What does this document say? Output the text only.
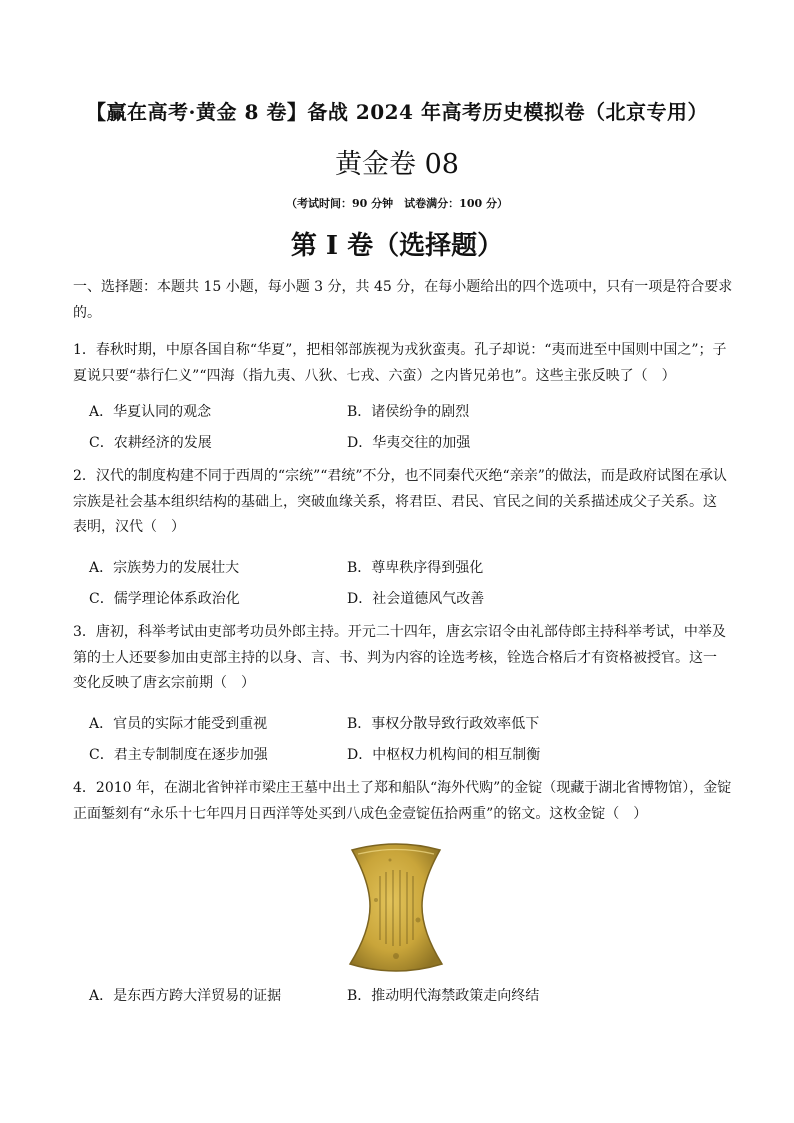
【赢在高考·黄金 8 卷】备战 2024 年高考历史模拟卷（北京专用）
黄金卷 08
（考试时间：90 分钟　试卷满分：100 分）
第 I 卷（选择题）
一、选择题：本题共 15 小题，每小题 3 分，共 45 分，在每小题给出的四个选项中，只有一项是符合要求
的。
1．春秋时期，中原各国自称“华夏”，把相邻部族视为戎狄蛮夷。孔子却说：“夷而进至中国则中国之”；子
夏说只要“恭行仁义”“四海（指九夷、八狄、七戎、六蛮）之内皆兄弟也”。这些主张反映了（　）
A．华夏认同的观念	B．诸侯纷争的剧烈
C．农耕经济的发展	D．华夷交往的加强
2．汉代的制度构建不同于西周的“宗统”“君统”不分，也不同秦代灭绝“亲亲”的做法，而是政府试图在承认
宗族是社会基本组织结构的基础上，突破血缘关系，将君臣、君民、官民之间的关系描述成父子关系。这
表明，汉代（　）
A．宗族势力的发展壮大	B．尊卑秩序得到强化
C．儒学理论体系政治化	D．社会道德风气改善
3．唐初，科举考试由吏部考功员外郎主持。开元二十四年，唐玄宗诏令由礼部侍郎主持科举考试，中举及
第的士人还要参加由吏部主持的以身、言、书、判为内容的诠选考核，铨选合格后才有资格被授官。这一
变化反映了唐玄宗前期（　）
A．官员的实际才能受到重视	B．事权分散导致行政效率低下
C．君主专制制度在逐步加强	D．中枢权力机构间的相互制衡
4．2010 年，在湖北省钟祥市梁庄王墓中出土了郑和船队“海外代购”的金锭（现藏于湖北省博物馆），金锭
正面錾刻有“永乐十七年四月日西洋等处买到八成色金壹锭伍拾两重”的铭文。这枚金锭（　）
A．是东西方跨大洋贸易的证据	B．推动明代海禁政策走向终结
